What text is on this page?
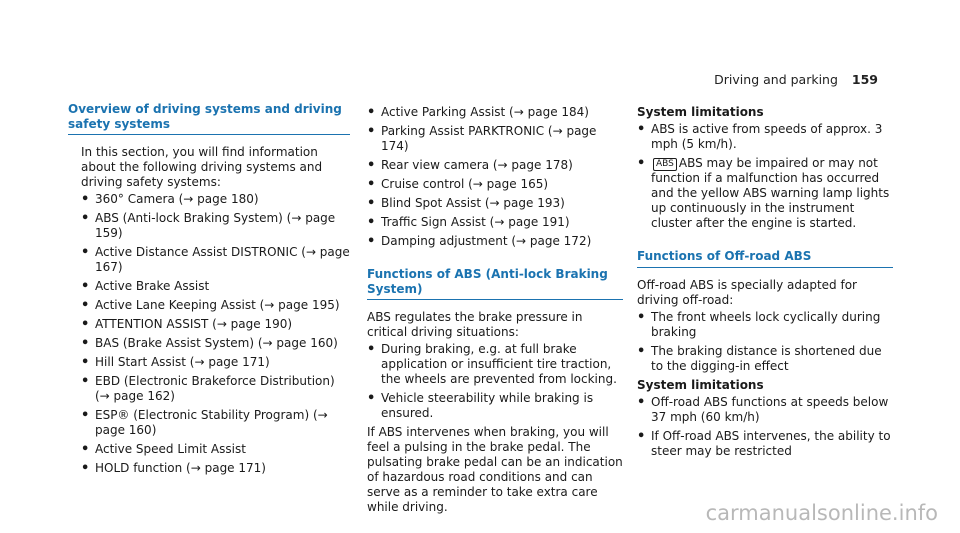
Driving and parking 159
Overview of driving systems and driving
safety systems

In this section, you will find information about the following driving systems and driving safety systems:

• 360° Camera (→ page 180)
• ABS (Anti-lock Braking System) (→ page 159)
• Active Distance Assist DISTRONIC (→ page 167)
• Active Brake Assist
• Active Lane Keeping Assist (→ page 195)
• ATTENTION ASSIST (→ page 190)
• BAS (Brake Assist System) (→ page 160)
• Hill Start Assist (→ page 171)
• EBD (Electronic Brakeforce Distribution) (→ page 162)
• ESP® (Electronic Stability Program) (→ page 160)
• Active Speed Limit Assist
• HOLD function (→ page 171)
• Active Parking Assist (→ page 184)
• Parking Assist PARKTRONIC (→ page 174)
• Rear view camera (→ page 178)
• Cruise control (→ page 165)
• Blind Spot Assist (→ page 193)
• Traffic Sign Assist (→ page 191)
• Damping adjustment (→ page 172)
Functions of ABS (Anti-lock Braking System)

ABS regulates the brake pressure in critical driving situations:

• During braking, e.g. at full brake application or insufficient tire traction, the wheels are prevented from locking.
• Vehicle steerability while braking is ensured.

If ABS intervenes when braking, you will feel a pulsing in the brake pedal. The pulsating brake pedal can be an indication of hazardous road conditions and can serve as a reminder to take extra care while driving.

System limitations
• ABS is active from speeds of approx. 3 mph (5 km/h).
• ABS ABS may be impaired or may not function if a malfunction has occurred and the yellow ABS warning lamp lights up continuously in the instrument cluster after the engine is started.
Functions of Off-road ABS

Off-road ABS is specially adapted for driving off-road:

• The front wheels lock cyclically during braking
• The braking distance is shortened due to the digging-in effect
System limitations
• Off-road ABS functions at speeds below 37 mph (60 km/h)
• If Off-road ABS intervenes, the ability to steer may be restricted
carmanualsonline.info
